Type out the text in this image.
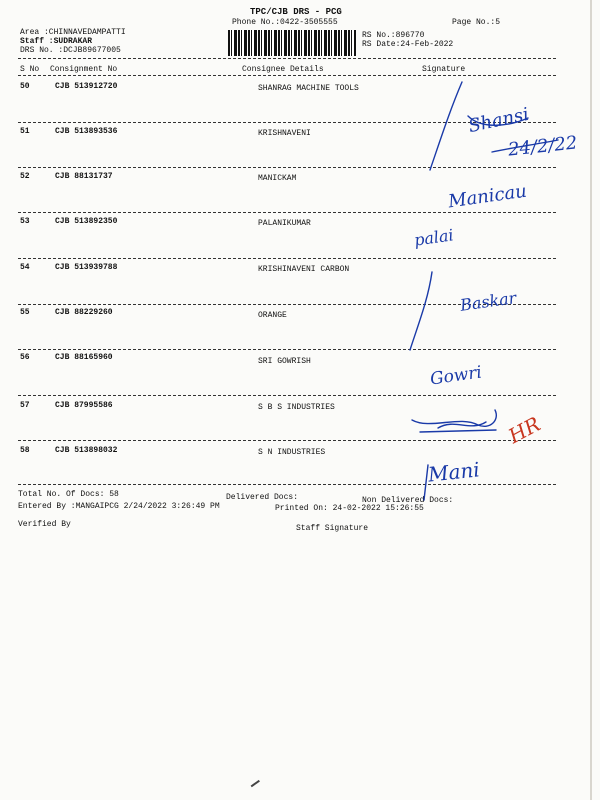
TPC/CJB DRS - PCG
Phone No.:0422-3505555	Page No.:5
Area :CHINNAVEDAMPATTI
Staff :SUDRAKAR
DRS No. :DCJB89677005
RS No.:896770
RS Date:24-Feb-2022
S No Consignment No	Consignee Details	Signature
50	CJB 513912720	SHANRAG MACHINE TOOLS
51	CJB 513893536	KRISHNAVENI
52	CJB 88131737	MANICKAM
53	CJB 513892350	PALANIKUMAR
54	CJB 513939788	KRISHINAVENI CARBON
55	CJB 88229260	ORANGE
56	CJB 88165960	SRI GOWRISH
57	CJB 87995586	S B S INDUSTRIES
58	CJB 513898032	S N INDUSTRIES
Total No. Of Docs: 58	Delivered Docs:	Non Delivered Docs:
Entered By :MANGAIPCG 2/24/2022 3:26:49 PM	Printed On: 24-02-2022 15:26:55
Verified By	Staff Signature
Shansi
24/2/22
Manicau
palai
Baskar
Gowri
Mani
HR
